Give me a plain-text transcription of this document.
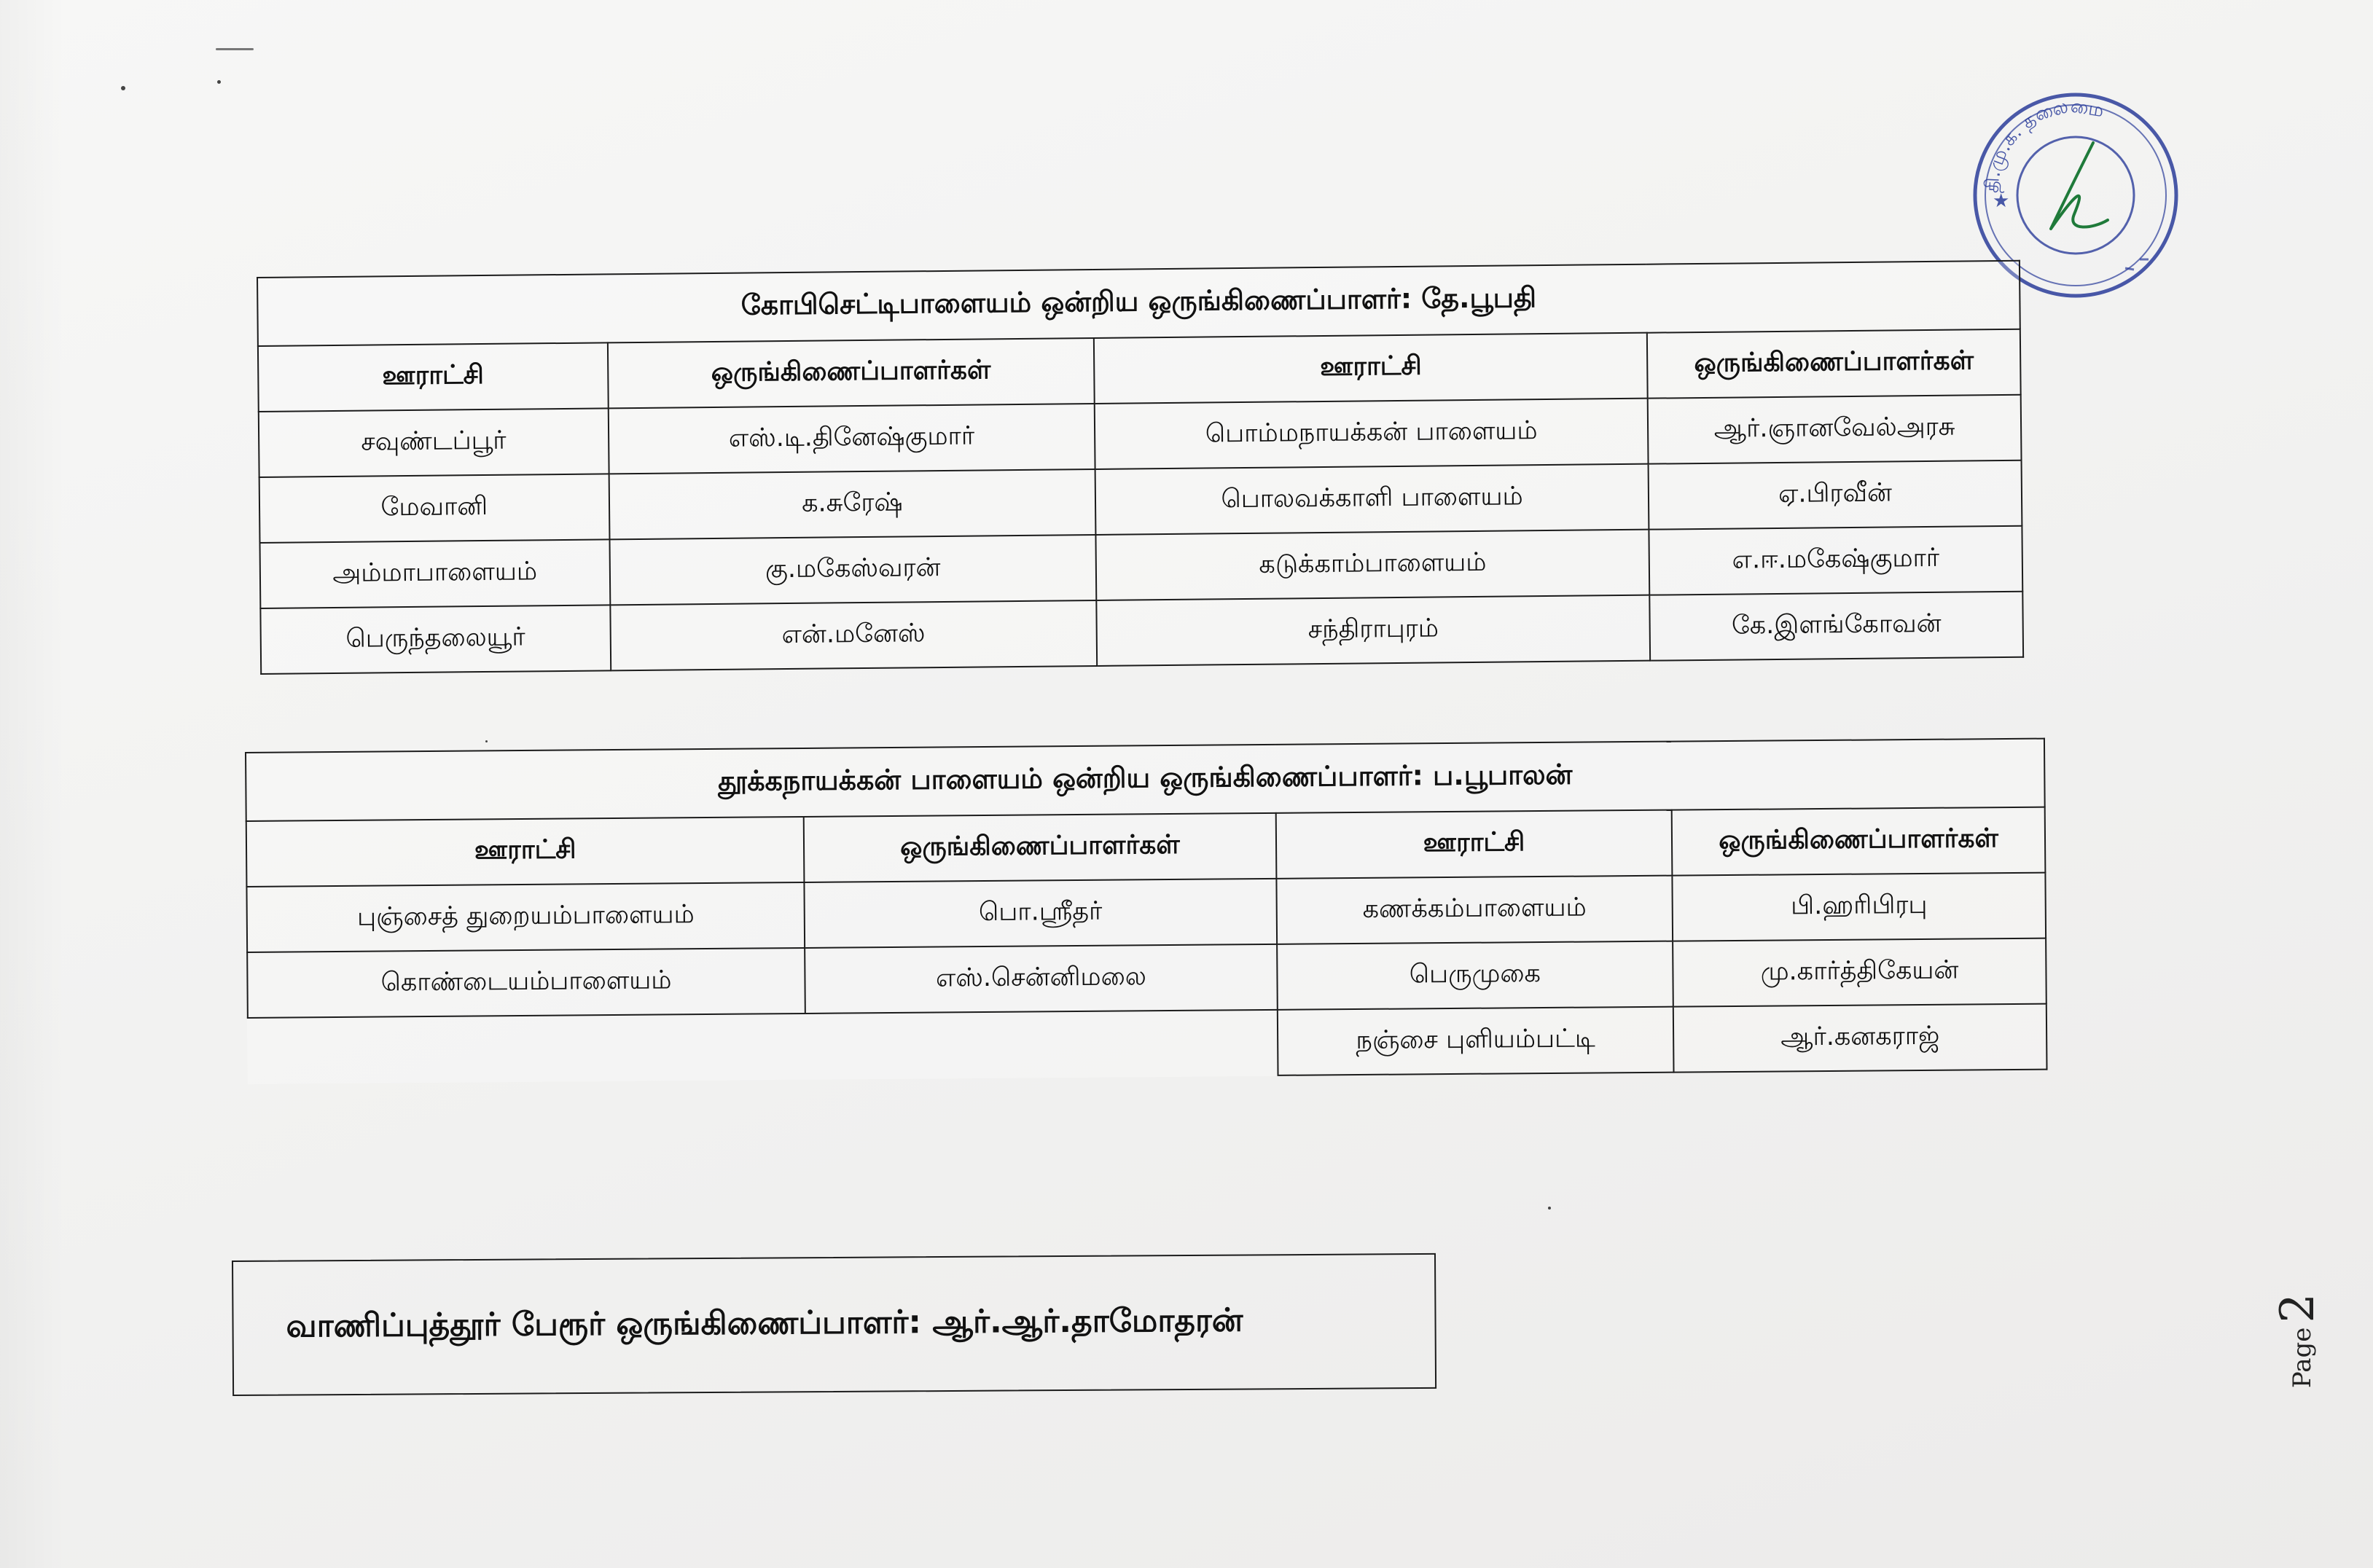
தி.மு.க. தலைமை
★
கோபிசெட்டிபாளையம் ஒன்றிய ஒருங்கிணைப்பாளர்: தே.பூபதி			
ஊராட்சி	ஒருங்கிணைப்பாளர்கள்	ஊராட்சி	ஒருங்கிணைப்பாளர்கள்
சவுண்டப்பூர்	எஸ்.டி.தினேஷ்குமார்	பொம்மநாயக்கன் பாளையம்	ஆர்.ஞானவேல்அரசு
மேவானி	க.சுரேஷ்	பொலவக்காளி பாளையம்	ஏ.பிரவீன்
அம்மாபாளையம்	கு.மகேஸ்வரன்	கடுக்காம்பாளையம்	எ.ஈ.மகேஷ்குமார்
பெருந்தலையூர்	என்.மனேஸ்	சந்திராபுரம்	கே.இளங்கோவன்
தூக்கநாயக்கன் பாளையம் ஒன்றிய ஒருங்கிணைப்பாளர்: ப.பூபாலன்			
ஊராட்சி	ஒருங்கிணைப்பாளர்கள்	ஊராட்சி	ஒருங்கிணைப்பாளர்கள்
புஞ்சைத் துறையம்பாளையம்	பொ.ஸ்ரீதர்	கணக்கம்பாளையம்	பி.ஹரிபிரபு
கொண்டையம்பாளையம்	எஸ்.சென்னிமலை	பெருமுகை	மு.கார்த்திகேயன்
		நஞ்சை புளியம்பட்டி	ஆர்.கனகராஜ்
வாணிப்புத்தூர் பேரூர் ஒருங்கிணைப்பாளர்: ஆர்.ஆர்.தாமோதரன்
Page
2
